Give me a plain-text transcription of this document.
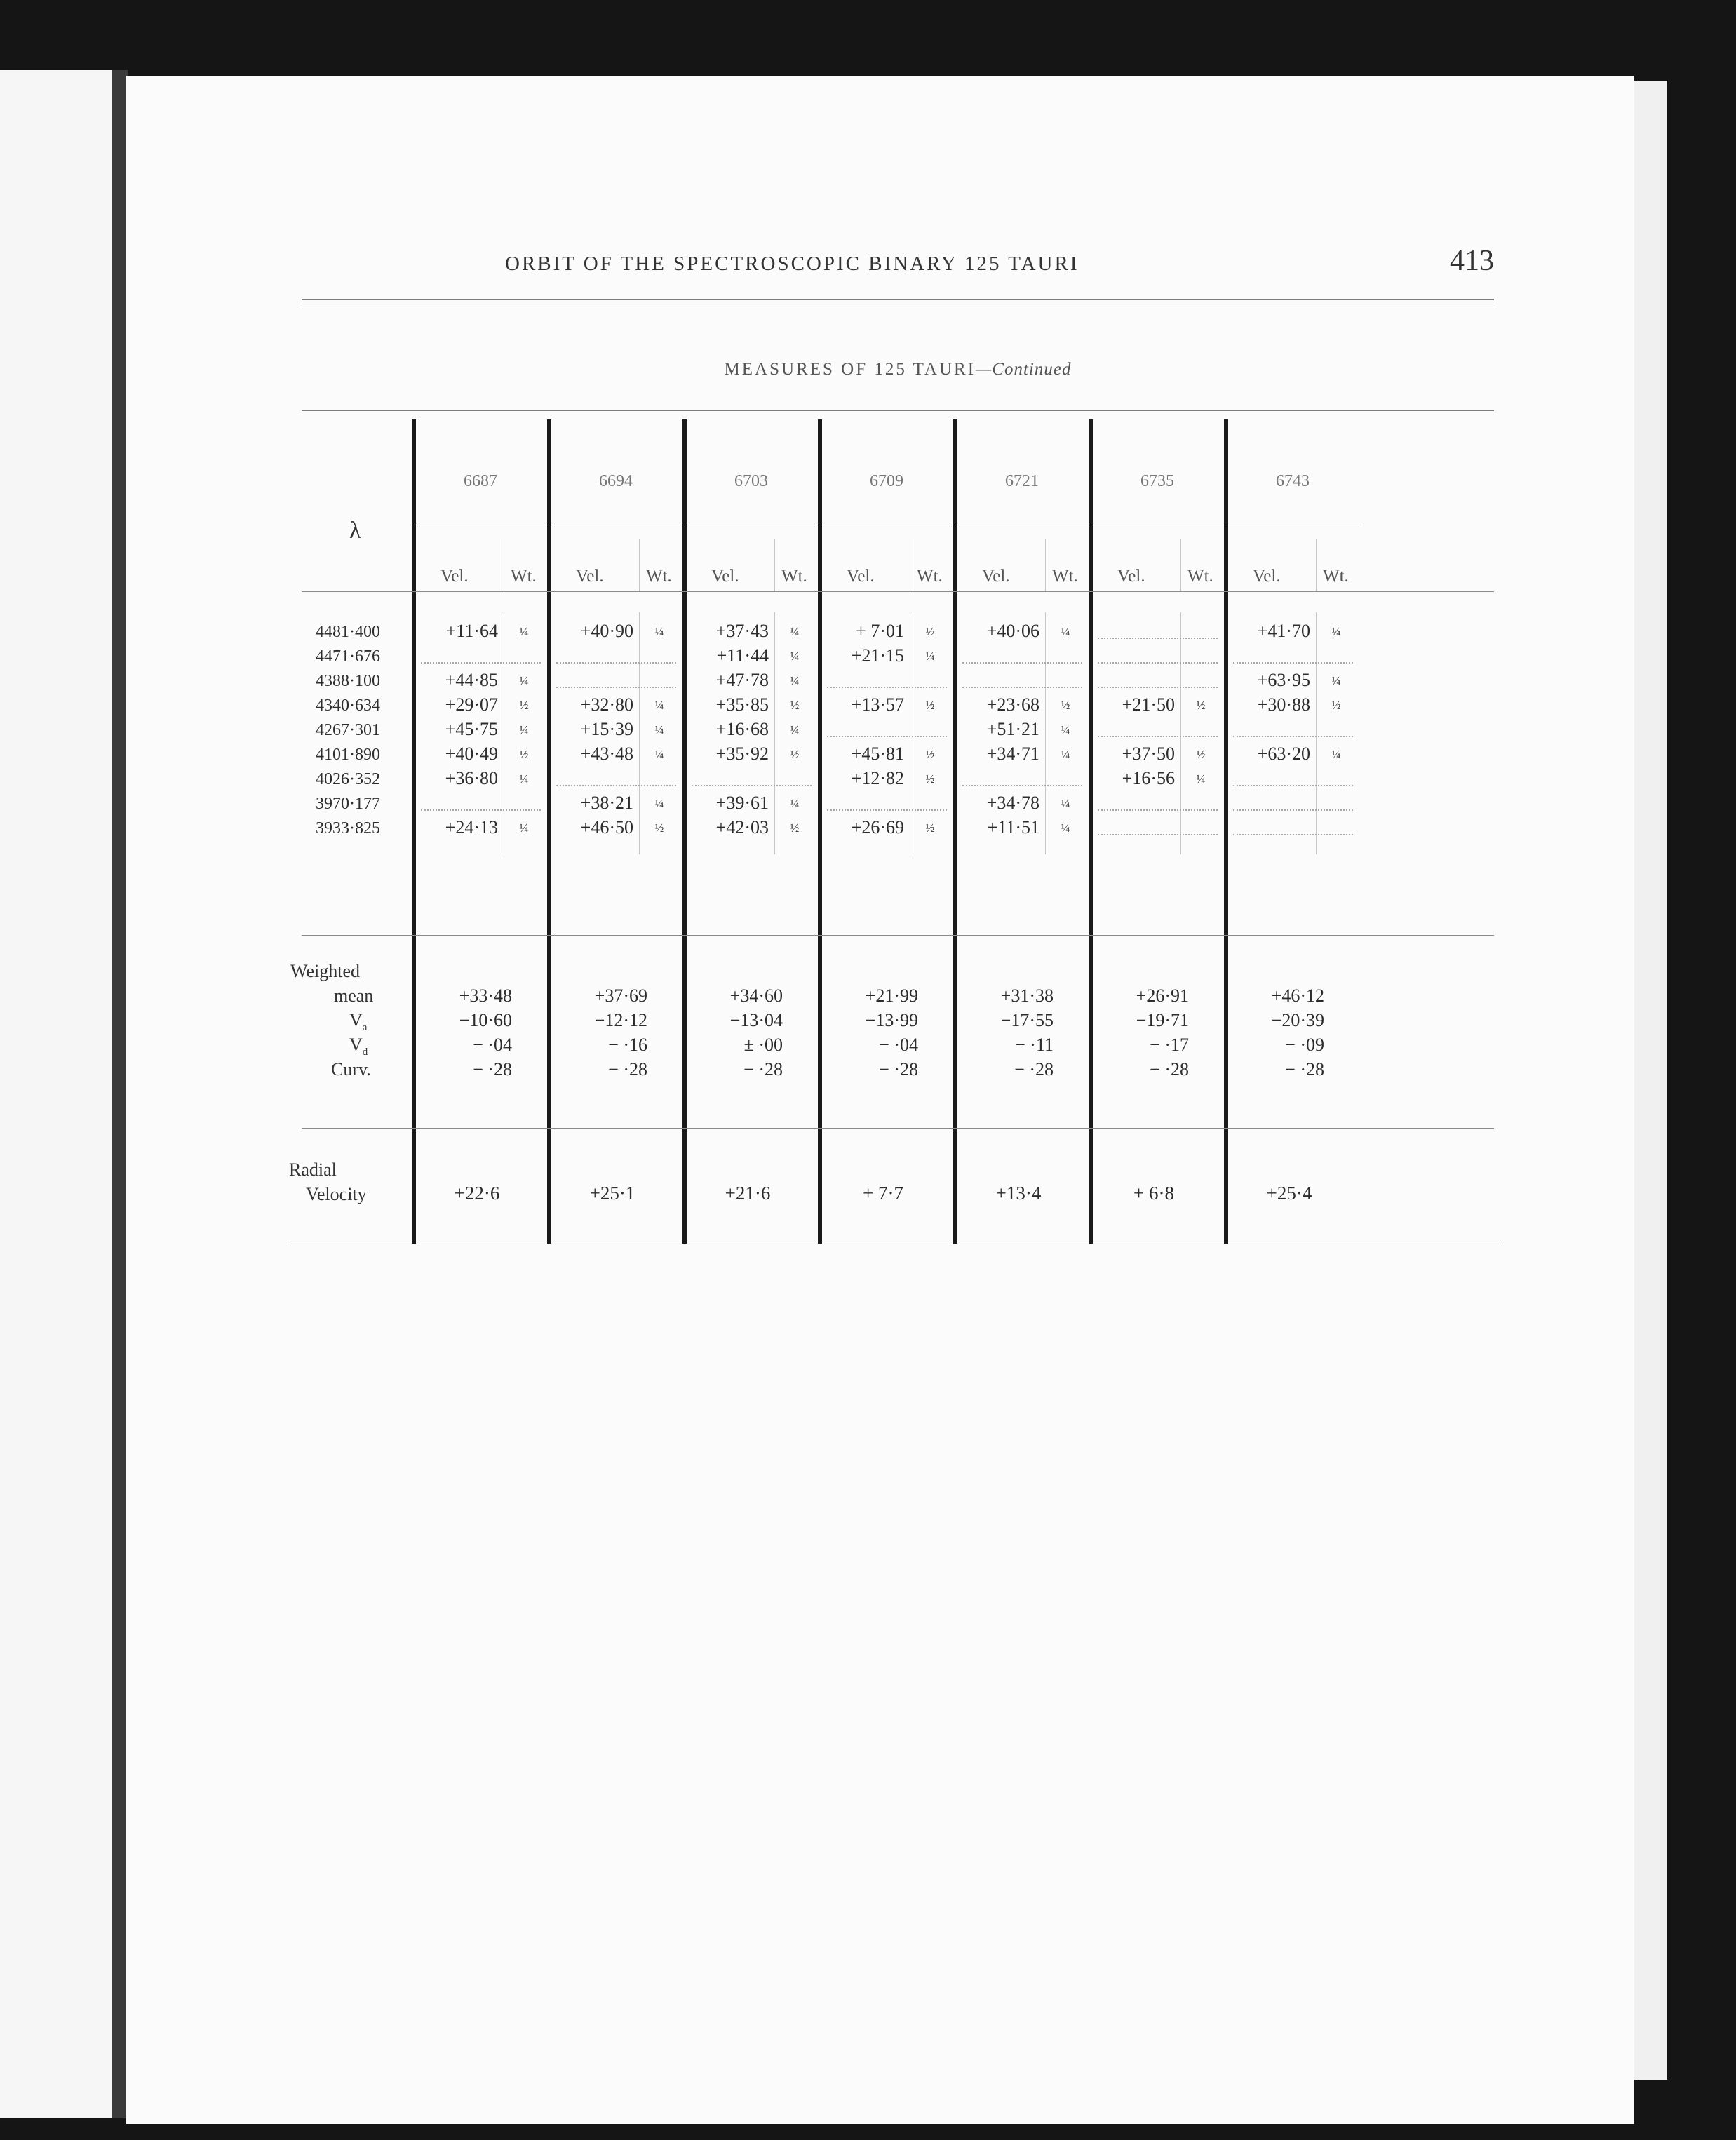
ORBIT OF THE SPECTROSCOPIC BINARY 125 TAURI	413
MEASURES OF 125 TAURI—Continued
6687
Vel. Wt.
6694
Vel. Wt.
6703
Vel. Wt.
6709
Vel. Wt.
6721
Vel. Wt.
6735
Vel. Wt.
6743
Vel. Wt.
4481·400
4471·676
4388·100
4340·634
4267·301
4101·890
4026·352
3970·177
3933·825
+11·64 ¼
+44·85 ¼
+29·07 ½
+45·75 ¼
+40·49 ½
+36·80 ¼
+24·13 ¼
+40·90 ¼
+32·80 ¼
+15·39 ¼
+43·48 ¼
+38·21 ¼
+46·50 ½
+37·43 ¼
+11·44 ¼
+47·78 ¼
+35·85 ½
+16·68 ¼
+35·92 ½
+39·61 ¼
+42·03 ½
+ 7·01 ½
+21·15 ¼
+13·57 ½
+45·81 ½
+12·82 ½
+26·69 ½
+40·06 ¼
+23·68 ½
+51·21 ¼
+34·71 ¼
+34·78 ¼
+11·51 ¼
+21·50 ½
+37·50 ½
+16·56 ¼
+41·70 ¼
+63·95 ¼
+30·88 ½
+63·20 ¼
+33·48
−10·60
− ·04
− ·28
+22·6
+37·69
−12·12
− ·16
− ·28
+25·1
+34·60
−13·04
± ·00
− ·28
+21·6
+21·99
−13·99
− ·04
− ·28
+ 7·7
+31·38
−17·55
− ·11
− ·28
+13·4
+26·91
−19·71
− ·17
− ·28
+ 6·8
+46·12
−20·39
− ·09
− ·28
+25·4
λ
Weighted
mean
$V_a$
$V_d$
Curv.
Radial
Velocity
